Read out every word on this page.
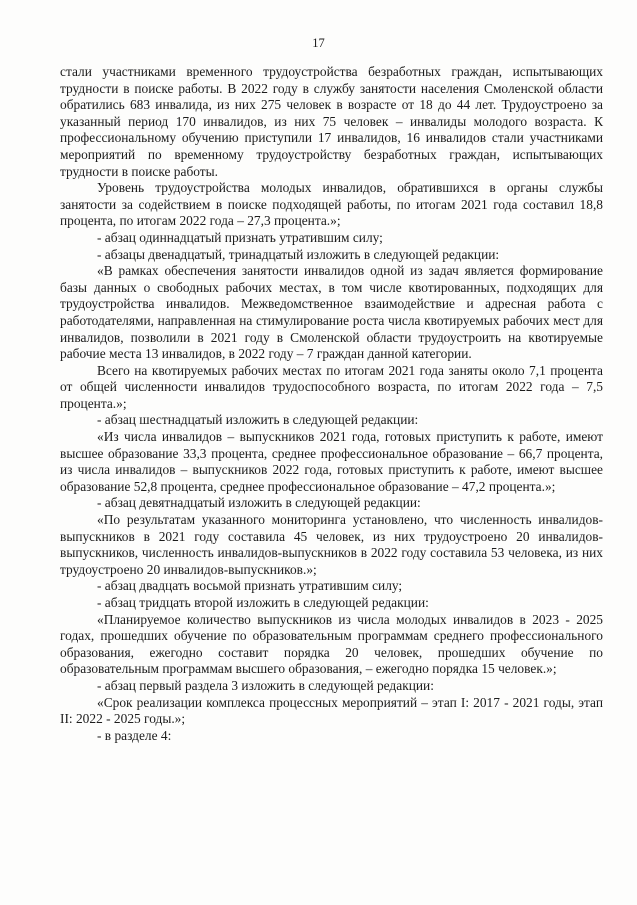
17

стали участниками временного трудоустройства безработных граждан, испытывающих трудности в поиске работы. В 2022 году в службу занятости населения Смоленской области обратились 683 инвалида, из них 275 человек в возрасте от 18 до 44 лет. Трудоустроено за указанный период 170 инвалидов, из них 75 человек – инвалиды молодого возраста. К профессиональному обучению приступили 17 инвалидов, 16 инвалидов стали участниками мероприятий по временному трудоустройству безработных граждан, испытывающих трудности в поиске работы.

Уровень трудоустройства молодых инвалидов, обратившихся в органы службы занятости за содействием в поиске подходящей работы, по итогам 2021 года составил 18,8 процента, по итогам 2022 года – 27,3 процента.»;

- абзац одиннадцатый признать утратившим силу;

- абзацы двенадцатый, тринадцатый изложить в следующей редакции:

«В рамках обеспечения занятости инвалидов одной из задач является формирование базы данных о свободных рабочих местах, в том числе квотированных, подходящих для трудоустройства инвалидов. Межведомственное взаимодействие и адресная работа с работодателями, направленная на стимулирование роста числа квотируемых рабочих мест для инвалидов, позволили в 2021 году в Смоленской области трудоустроить на квотируемые рабочие места 13 инвалидов, в 2022 году – 7 граждан данной категории.

Всего на квотируемых рабочих местах по итогам 2021 года заняты около 7,1 процента от общей численности инвалидов трудоспособного возраста, по итогам 2022 года – 7,5 процента.»;

- абзац шестнадцатый изложить в следующей редакции:

«Из числа инвалидов – выпускников 2021 года, готовых приступить к работе, имеют высшее образование 33,3 процента, среднее профессиональное образование – 66,7 процента, из числа инвалидов – выпускников 2022 года, готовых приступить к работе, имеют высшее образование 52,8 процента, среднее профессиональное образование – 47,2 процента.»;

- абзац девятнадцатый изложить в следующей редакции:

«По результатам указанного мониторинга установлено, что численность инвалидов-выпускников в 2021 году составила 45 человек, из них трудоустроено 20 инвалидов-выпускников, численность инвалидов-выпускников в 2022 году составила 53 человека, из них трудоустроено 20 инвалидов-выпускников.»;

- абзац двадцать восьмой признать утратившим силу;

- абзац тридцать второй изложить в следующей редакции:

«Планируемое количество выпускников из числа молодых инвалидов в 2023 - 2025 годах, прошедших обучение по образовательным программам среднего профессионального образования, ежегодно составит порядка 20 человек, прошедших обучение по образовательным программам высшего образования, – ежегодно порядка 15 человек.»;

- абзац первый раздела 3 изложить в следующей редакции:

«Срок реализации комплекса процессных мероприятий – этап I: 2017 - 2021 годы, этап II: 2022 - 2025 годы.»;

- в разделе 4:
